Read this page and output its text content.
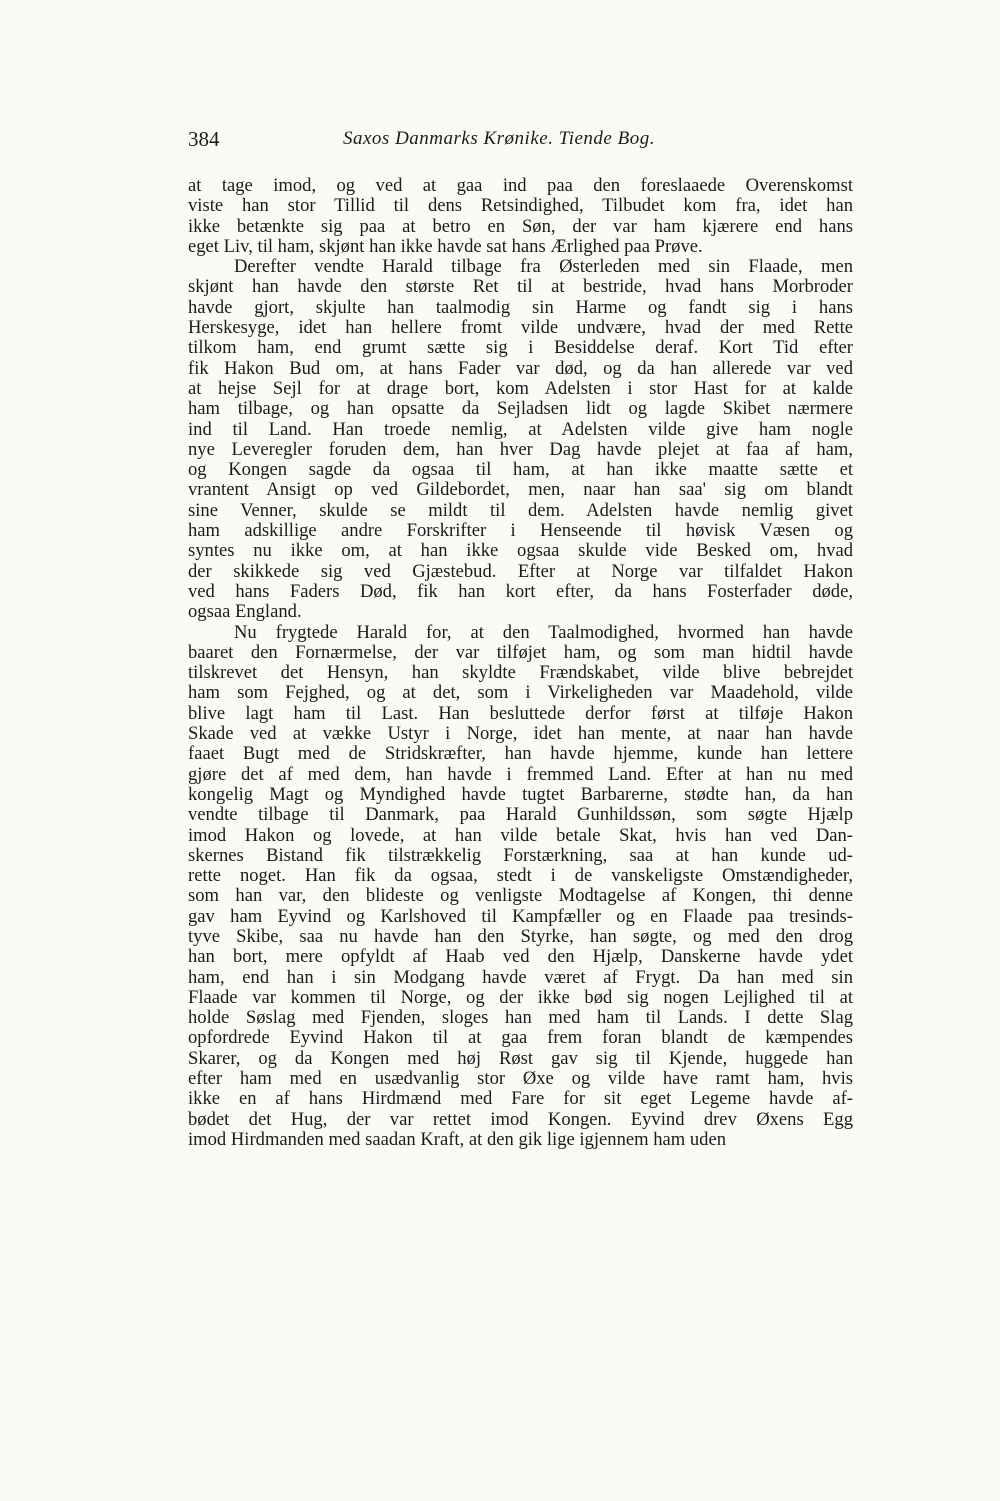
384	Saxos Danmarks Krønike. Tiende Bog.
at tage imod, og ved at gaa ind paa den foreslaaede Overenskomst
viste han stor Tillid til dens Retsindighed, Tilbudet kom fra, idet han
ikke betænkte sig paa at betro en Søn, der var ham kjærere end hans
eget Liv, til ham, skjønt han ikke havde sat hans Ærlighed paa Prøve.
Derefter vendte Harald tilbage fra Østerleden med sin Flaade, men
skjønt han havde den største Ret til at bestride, hvad hans Morbroder
havde gjort, skjulte han taalmodig sin Harme og fandt sig i hans
Herskesyge, idet han hellere fromt vilde undvære, hvad der med Rette
tilkom ham, end grumt sætte sig i Besiddelse deraf. Kort Tid efter
fik Hakon Bud om, at hans Fader var død, og da han allerede var ved
at hejse Sejl for at drage bort, kom Adelsten i stor Hast for at kalde
ham tilbage, og han opsatte da Sejladsen lidt og lagde Skibet nærmere
ind til Land. Han troede nemlig, at Adelsten vilde give ham nogle
nye Leveregler foruden dem, han hver Dag havde plejet at faa af ham,
og Kongen sagde da ogsaa til ham, at han ikke maatte sætte et
vrantent Ansigt op ved Gildebordet, men, naar han saa' sig om blandt
sine Venner, skulde se mildt til dem. Adelsten havde nemlig givet
ham adskillige andre Forskrifter i Henseende til høvisk Væsen og
syntes nu ikke om, at han ikke ogsaa skulde vide Besked om, hvad
der skikkede sig ved Gjæstebud. Efter at Norge var tilfaldet Hakon
ved hans Faders Død, fik han kort efter, da hans Fosterfader døde,
ogsaa England.
Nu frygtede Harald for, at den Taalmodighed, hvormed han havde
baaret den Fornærmelse, der var tilføjet ham, og som man hidtil havde
tilskrevet det Hensyn, han skyldte Frændskabet, vilde blive bebrejdet
ham som Fejghed, og at det, som i Virkeligheden var Maadehold, vilde
blive lagt ham til Last. Han besluttede derfor først at tilføje Hakon
Skade ved at vække Ustyr i Norge, idet han mente, at naar han havde
faaet Bugt med de Stridskræfter, han havde hjemme, kunde han lettere
gjøre det af med dem, han havde i fremmed Land. Efter at han nu med
kongelig Magt og Myndighed havde tugtet Barbarerne, stødte han, da han
vendte tilbage til Danmark, paa Harald Gunhildssøn, som søgte Hjælp
imod Hakon og lovede, at han vilde betale Skat, hvis han ved Dan-
skernes Bistand fik tilstrækkelig Forstærkning, saa at han kunde ud-
rette noget. Han fik da ogsaa, stedt i de vanskeligste Omstændigheder,
som han var, den blideste og venligste Modtagelse af Kongen, thi denne
gav ham Eyvind og Karlshoved til Kampfæller og en Flaade paa tresinds-
tyve Skibe, saa nu havde han den Styrke, han søgte, og med den drog
han bort, mere opfyldt af Haab ved den Hjælp, Danskerne havde ydet
ham, end han i sin Modgang havde været af Frygt. Da han med sin
Flaade var kommen til Norge, og der ikke bød sig nogen Lejlighed til at
holde Søslag med Fjenden, sloges han med ham til Lands. I dette Slag
opfordrede Eyvind Hakon til at gaa frem foran blandt de kæmpendes
Skarer, og da Kongen med høj Røst gav sig til Kjende, huggede han
efter ham med en usædvanlig stor Øxe og vilde have ramt ham, hvis
ikke en af hans Hirdmænd med Fare for sit eget Legeme havde af-
bødet det Hug, der var rettet imod Kongen. Eyvind drev Øxens Egg
imod Hirdmanden med saadan Kraft, at den gik lige igjennem ham uden
